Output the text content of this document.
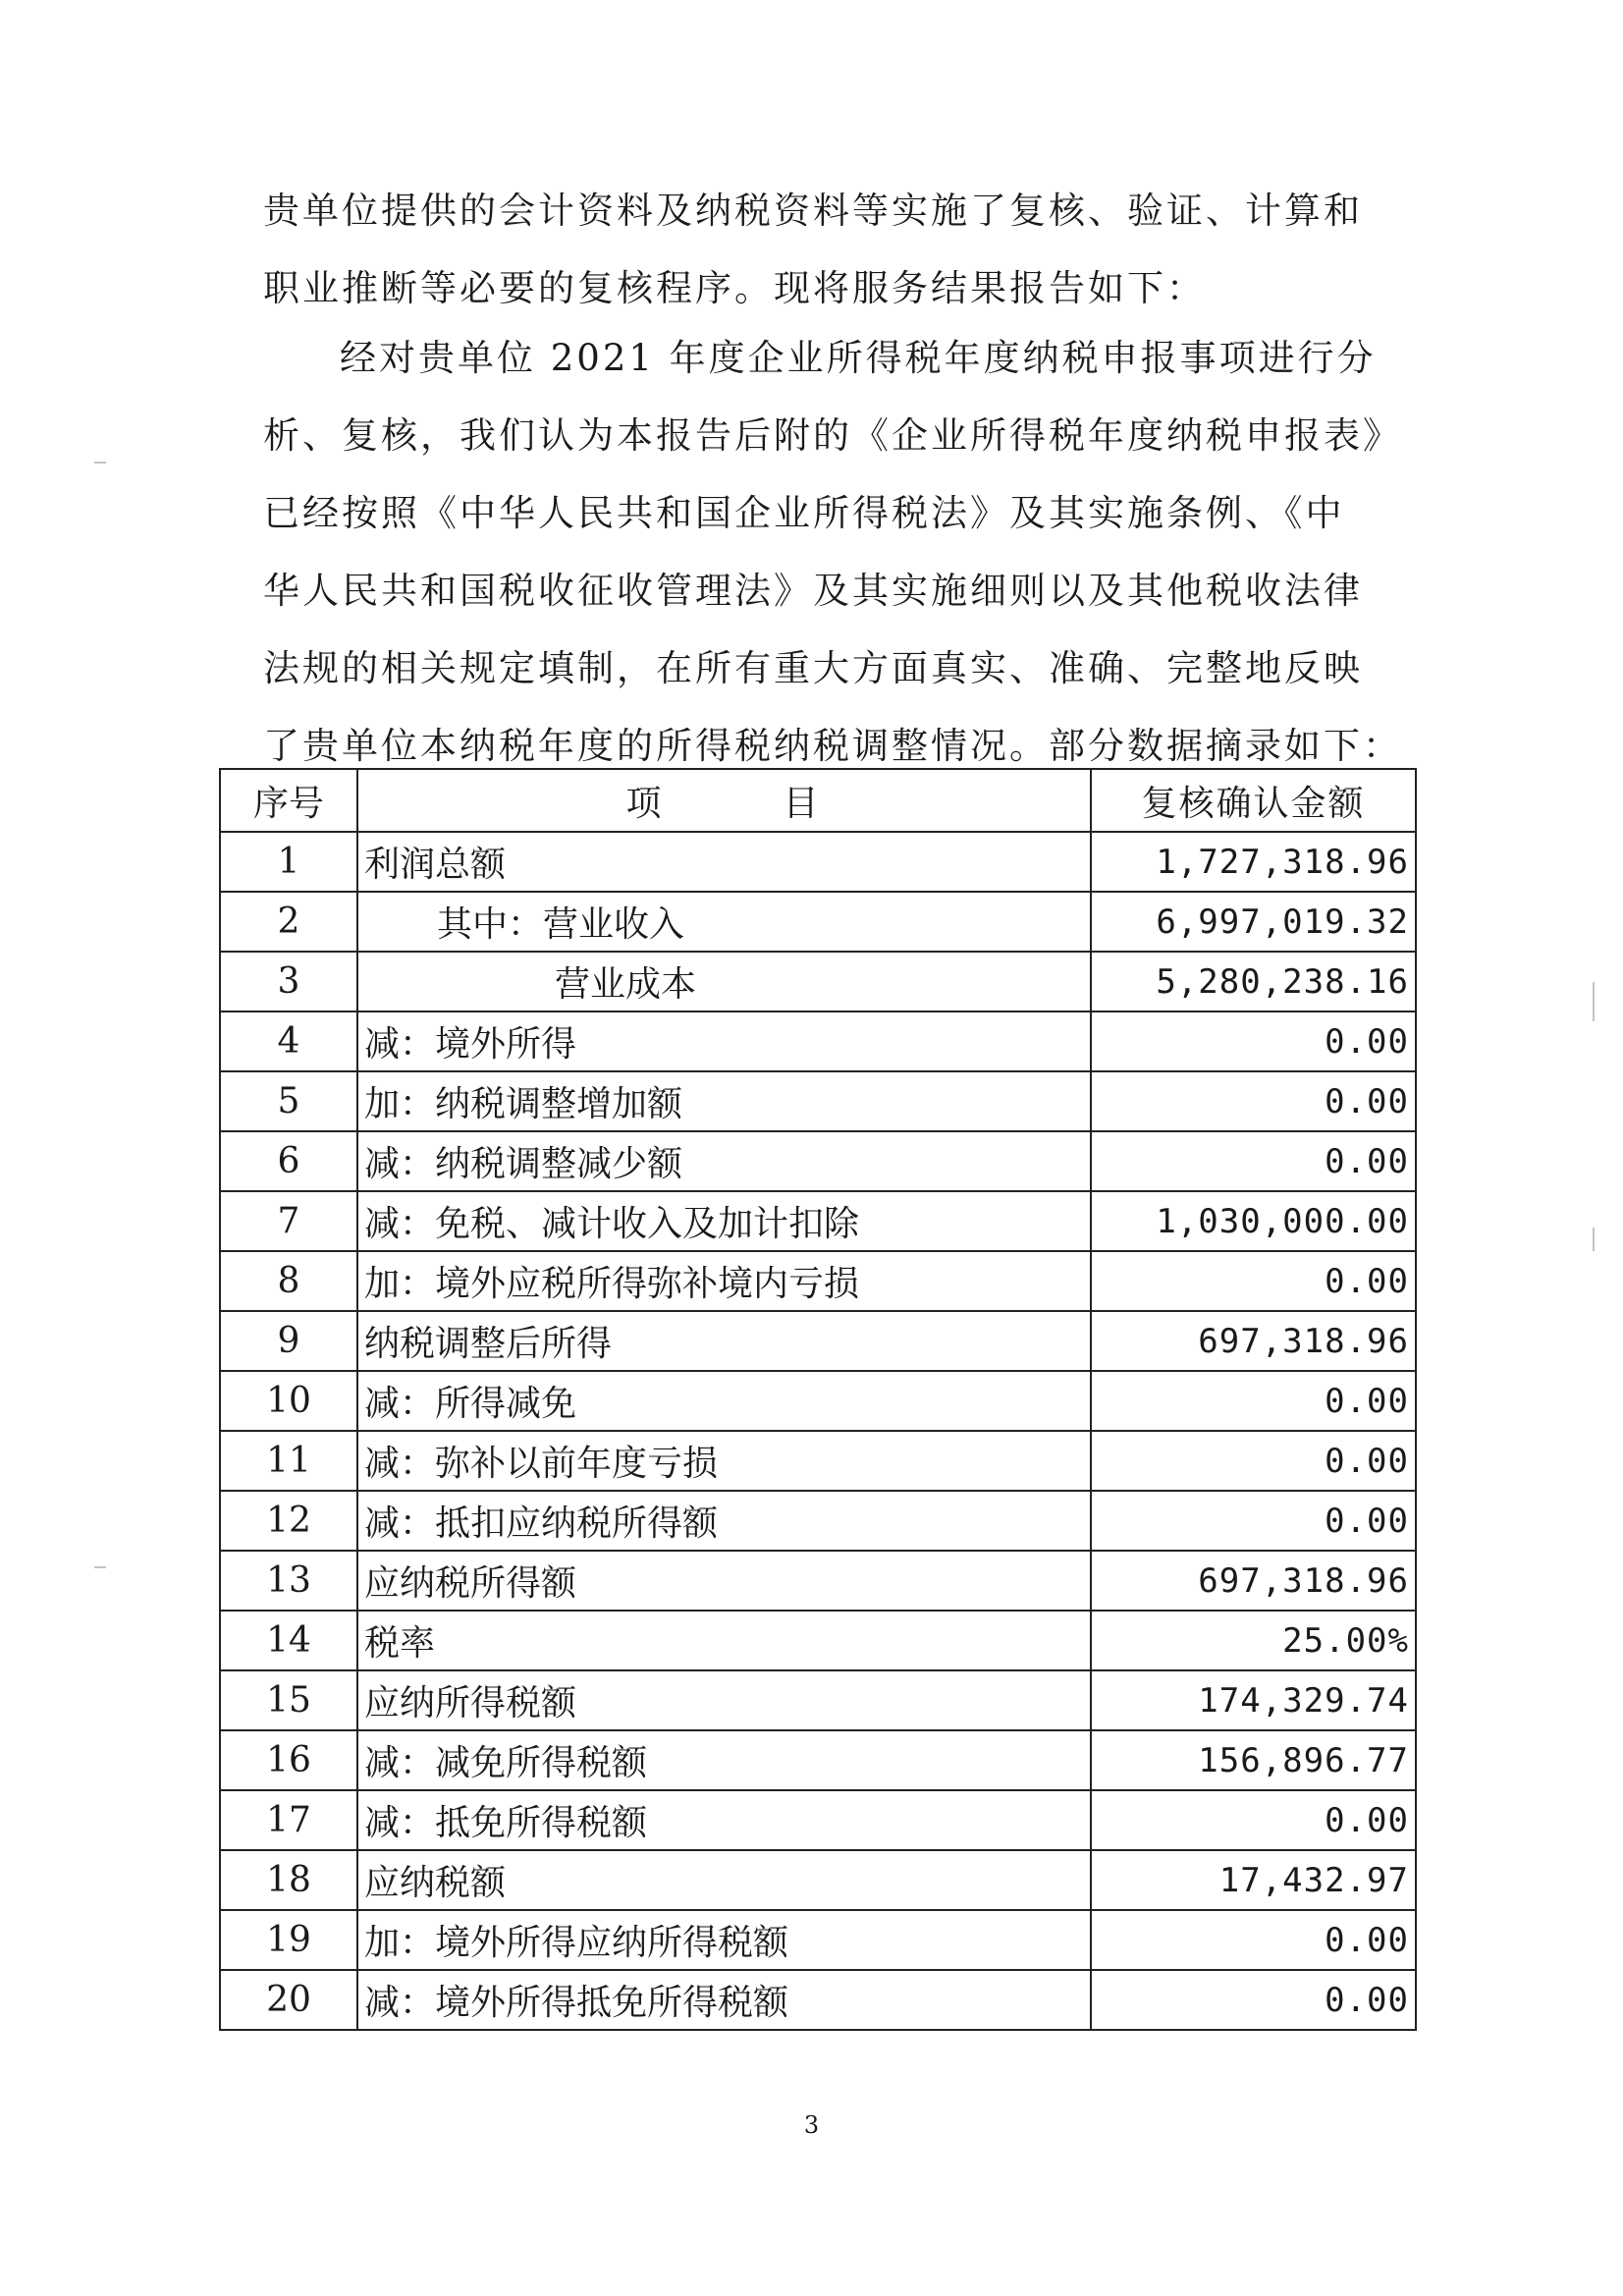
贵单位提供的会计资料及纳税资料等实施了复核、验证、计算和
职业推断等必要的复核程序。现将服务结果报告如下：
经对贵单位 2021 年度企业所得税年度纳税申报事项进行分
析、复核，我们认为本报告后附的《企业所得税年度纳税申报表》
已经按照《中华人民共和国企业所得税法》及其实施条例、《中
华人民共和国税收征收管理法》及其实施细则以及其他税收法律
法规的相关规定填制，在所有重大方面真实、准确、完整地反映
了贵单位本纳税年度的所得税纳税调整情况。部分数据摘录如下：
序号	项　　　目	复核确认金额
1	利润总额	1,727,318.96
2	其中：营业收入	6,997,019.32
3	营业成本	5,280,238.16
4	减：境外所得	0.00
5	加：纳税调整增加额	0.00
6	减：纳税调整减少额	0.00
7	减：免税、减计收入及加计扣除	1,030,000.00
8	加：境外应税所得弥补境内亏损	0.00
9	纳税调整后所得	697,318.96
10	减：所得减免	0.00
11	减：弥补以前年度亏损	0.00
12	减：抵扣应纳税所得额	0.00
13	应纳税所得额	697,318.96
14	税率	25.00%
15	应纳所得税额	174,329.74
16	减：减免所得税额	156,896.77
17	减：抵免所得税额	0.00
18	应纳税额	17,432.97
19	加：境外所得应纳所得税额	0.00
20	减：境外所得抵免所得税额	0.00
3
